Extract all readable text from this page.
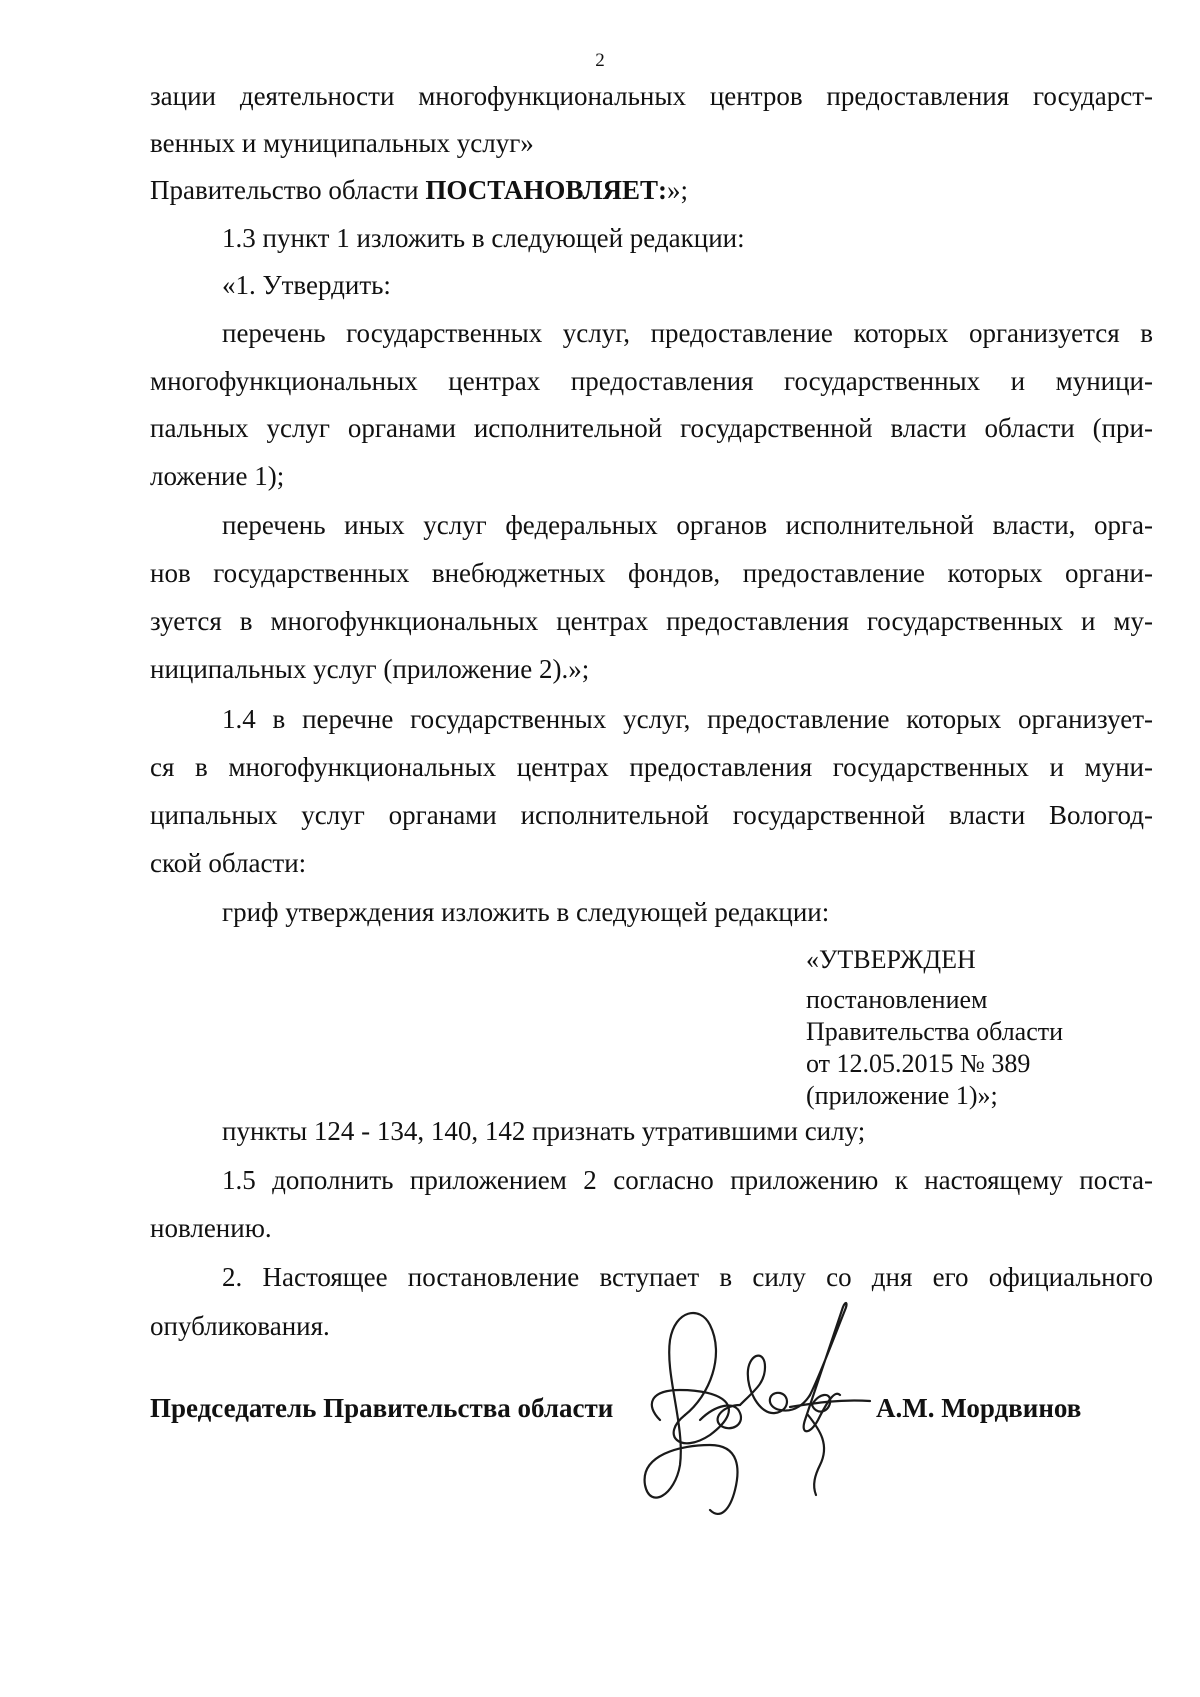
2
зации деятельности многофункциональных центров предоставления государст-
венных и муниципальных услуг»
Правительство области ПОСТАНОВЛЯЕТ:»;
1.3 пункт 1 изложить в следующей редакции:
«1. Утвердить:
перечень государственных услуг, предоставление которых организуется в
многофункциональных центрах предоставления государственных и муници-
пальных услуг органами исполнительной государственной власти области (при-
ложение 1);
перечень иных услуг федеральных органов исполнительной власти, орга-
нов государственных внебюджетных фондов, предоставление которых органи-
зуется в многофункциональных центрах предоставления государственных и му-
ниципальных услуг (приложение 2).»;
1.4 в перечне государственных услуг, предоставление которых организует-
ся в многофункциональных центрах предоставления государственных и муни-
ципальных услуг органами исполнительной государственной власти Вологод-
ской области:
гриф утверждения изложить в следующей редакции:
«УТВЕРЖДЕН
постановлением
Правительства области
от 12.05.2015 № 389
(приложение 1)»;
пункты 124 - 134, 140, 142 признать утратившими силу;
1.5 дополнить приложением 2 согласно приложению к настоящему поста-
новлению.
2. Настоящее постановление вступает в силу со дня его официального
опубликования.
Председатель Правительства области	А.М. Мордвинов
